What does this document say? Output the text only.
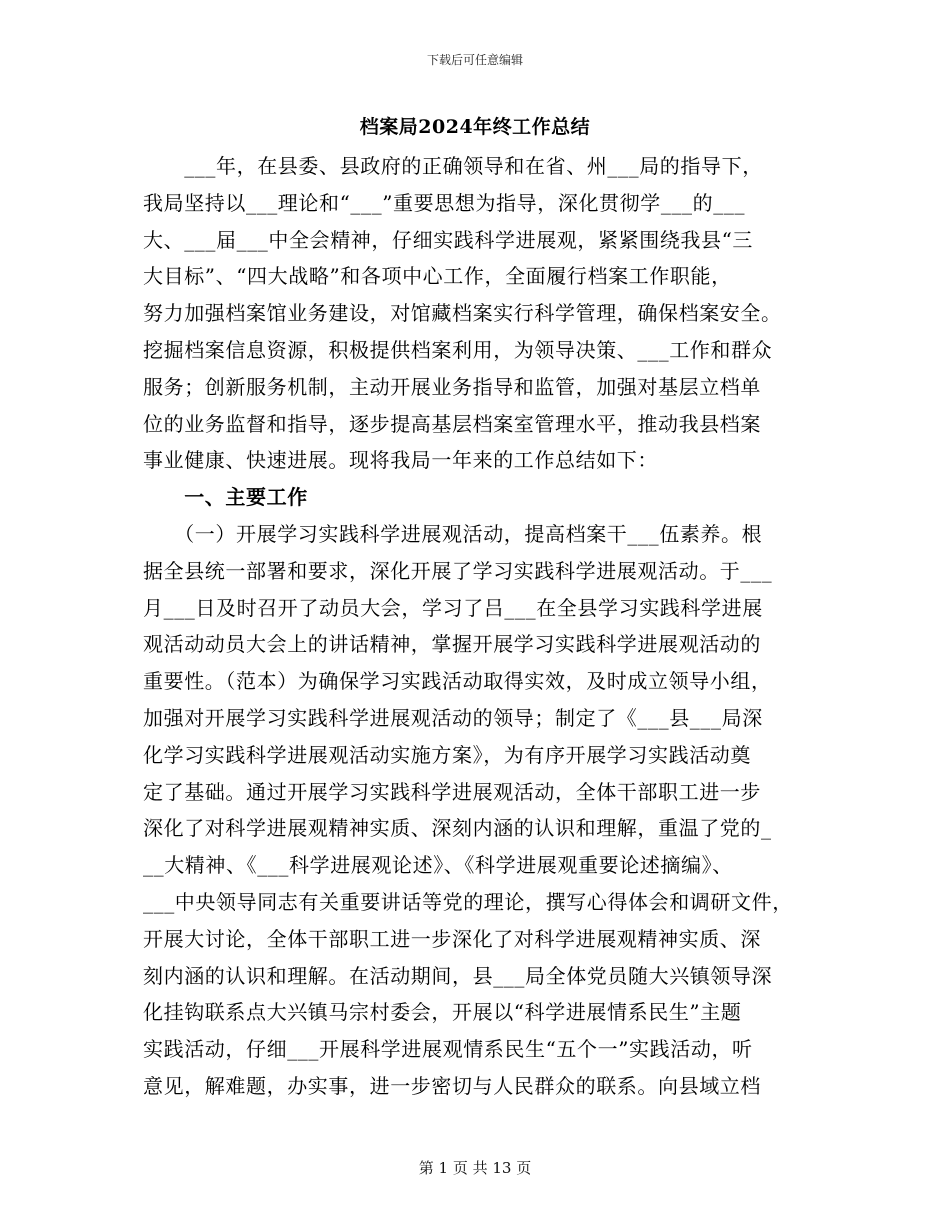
下载后可任意编辑
档案局2024年终工作总结
　　___年，在县委、县政府的正确领导和在省、州___局的指导下，
我局坚持以___理论和“___”重要思想为指导，深化贯彻学___的___
大、___届___中全会精神，仔细实践科学进展观，紧紧围绕我县“三
大目标”、“四大战略”和各项中心工作，全面履行档案工作职能，
努力加强档案馆业务建设，对馆藏档案实行科学管理，确保档案安全。
挖掘档案信息资源，积极提供档案利用，为领导决策、___工作和群众
服务；创新服务机制，主动开展业务指导和监管，加强对基层立档单
位的业务监督和指导，逐步提高基层档案室管理水平，推动我县档案
事业健康、快速进展。现将我局一年来的工作总结如下：
　　一、主要工作
　　（一）开展学习实践科学进展观活动，提高档案干___伍素养。根
据全县统一部署和要求，深化开展了学习实践科学进展观活动。于___
月___日及时召开了动员大会，学习了吕___在全县学习实践科学进展
观活动动员大会上的讲话精神，掌握开展学习实践科学进展观活动的
重要性。（范本）为确保学习实践活动取得实效，及时成立领导小组，
加强对开展学习实践科学进展观活动的领导；制定了《___县___局深
化学习实践科学进展观活动实施方案》，为有序开展学习实践活动奠
定了基础。通过开展学习实践科学进展观活动，全体干部职工进一步
深化了对科学进展观精神实质、深刻内涵的认识和理解，重温了党的_
__大精神、《___科学进展观论述》、《科学进展观重要论述摘编》、
___中央领导同志有关重要讲话等党的理论，撰写心得体会和调研文件，
开展大讨论，全体干部职工进一步深化了对科学进展观精神实质、深
刻内涵的认识和理解。在活动期间，县___局全体党员随大兴镇领导深
化挂钩联系点大兴镇马宗村委会，开展以“科学进展情系民生”主题
实践活动，仔细___开展科学进展观情系民生“五个一”实践活动，听
意见，解难题，办实事，进一步密切与人民群众的联系。向县域立档
第 1 页 共 13 页
